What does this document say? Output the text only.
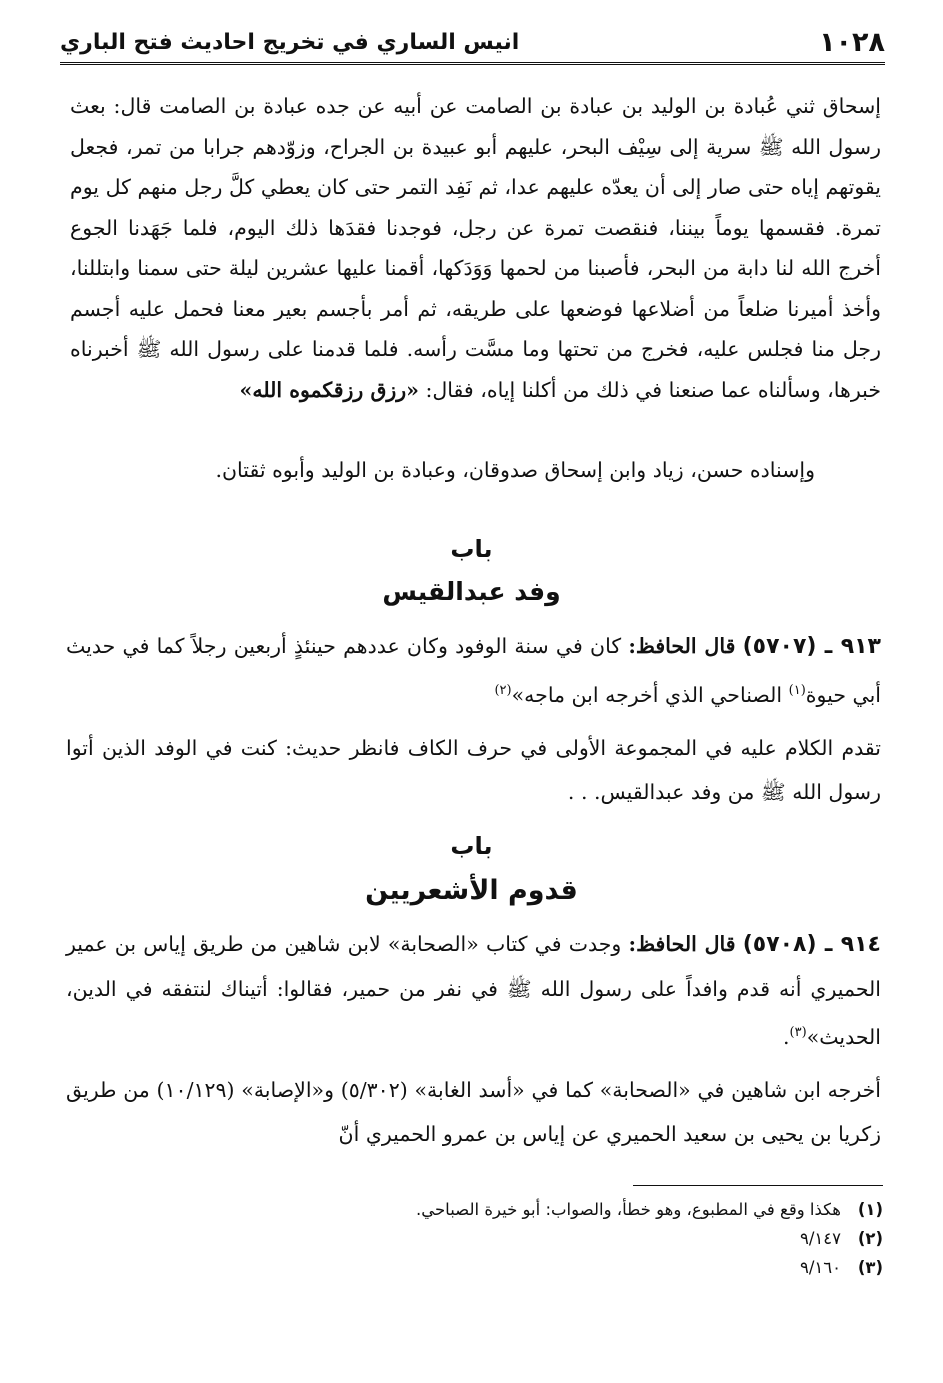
١٠٢٨
انيس الساري في تخريج احاديث فتح الباري
إسحاق ثني عُبادة بن الوليد بن عبادة بن الصامت عن أبيه عن جده عبادة بن الصامت قال: بعث رسول الله ﷺ سرية إلى سِيْف البحر، عليهم أبو عبيدة بن الجراح، وزوّدهم جرابا من تمر، فجعل يقوتهم إياه حتى صار إلى أن يعدّه عليهم عدا، ثم نَفِد التمر حتى كان يعطي كلَّ رجل منهم كل يوم تمرة. فقسمها يوماً بيننا، فنقصت تمرة عن رجل، فوجدنا فقدَها ذلك اليوم، فلما جَهَدنا الجوع أخرج الله لنا دابة من البحر، فأصبنا من لحمها وَوَدَكها، أقمنا عليها عشرين ليلة حتى سمنا وابتللنا، وأخذ أميرنا ضلعاً من أضلاعها فوضعها على طريقه، ثم أمر بأجسم بعير معنا فحمل عليه أجسم رجل منا فجلس عليه، فخرج من تحتها وما مسَّت رأسه. فلما قدمنا على رسول الله ﷺ أخبرناه خبرها، وسألناه عما صنعنا في ذلك من أكلنا إياه، فقال: «رزق رزقكموه الله»
وإسناده حسن، زياد وابن إسحاق صدوقان، وعبادة بن الوليد وأبوه ثقتان.
باب
وفد عبدالقيس
٩١٣ ـ (٥٧٠٧) قال الحافظ: كان في سنة الوفود وكان عددهم حينئذٍ أربعين رجلاً كما في حديث أبي حيوة$^{(١)}$ الصناحي الذي أخرجه ابن ماجه»$^{(٢)}$
تقدم الكلام عليه في المجموعة الأولى في حرف الكاف فانظر حديث: كنت في الوفد الذين أتوا رسول الله ﷺ من وفد عبدالقيس. . .
باب
قدوم الأشعريين
٩١٤ ـ (٥٧٠٨) قال الحافظ: وجدت في كتاب «الصحابة» لابن شاهين من طريق إياس بن عمير الحميري أنه قدم وافداً على رسول الله ﷺ في نفر من حمير، فقالوا: أتيناك لنتفقه في الدين، الحديث»$^{(٣)}$.
أخرجه ابن شاهين في «الصحابة» كما في «أسد الغابة» (٥/٣٠٢) و«الإصابة» (١٠/١٢٩) من طريق زكريا بن يحيى بن سعيد الحميري عن إياس بن عمرو الحميري أنّ
(١)
هكذا وقع في المطبوع، وهو خطأ، والصواب: أبو خيرة الصباحي.
(٢)
٩/١٤٧
(٣)
٩/١٦٠
